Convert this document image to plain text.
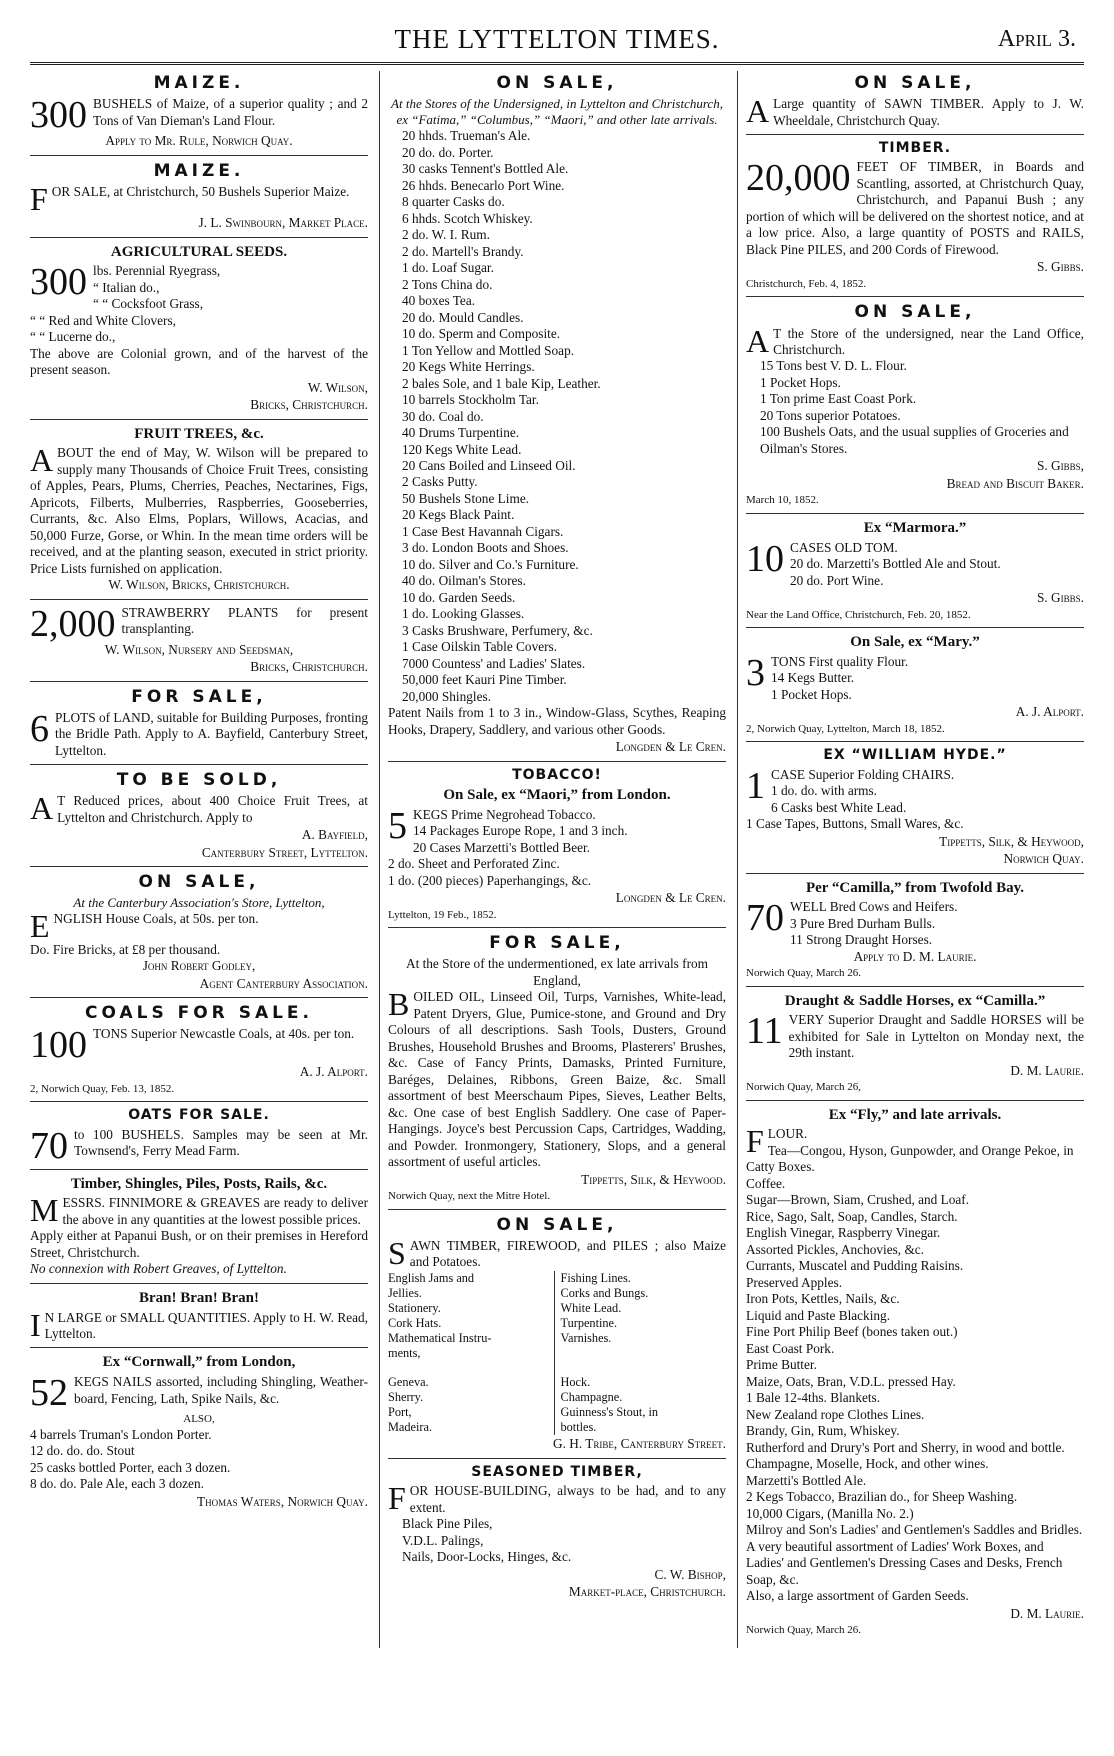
THE LYTTELTON TIMES.	April 3.
MAIZE.

300 BUSHELS of Maize, of a superior quality ; and 2 Tons of Van Dieman's Land Flour.

Apply to Mr. Rule, Norwich Quay.
MAIZE.

FOR SALE, at Christchurch, 50 Bushels Superior Maize.

J. L. Swinbourn, Market Place.
AGRICULTURAL SEEDS.
300 lbs. Perennial Ryegrass,
“ Italian do.,
“ “ Cocksfoot Grass,
“ “ Red and White Clovers,
“ “ Lucerne do.,

The above are Colonial grown, and of the harvest of the present season.

W. Wilson,
Bricks, Christchurch.
FRUIT TREES, &c.

ABOUT the end of May, W. Wilson will be prepared to supply many Thousands of Choice Fruit Trees, consisting of Apples, Pears, Plums, Cherries, Peaches, Nectarines, Figs, Apricots, Filberts, Mulberries, Raspberries, Gooseberries, Currants, &c. Also Elms, Poplars, Willows, Acacias, and 50,000 Furze, Gorse, or Whin. In the mean time orders will be received, and at the planting season, executed in strict priority. Price Lists furnished on application.

W. Wilson, Bricks, Christchurch.

2,000 STRAWBERRY PLANTS for present transplanting.

W. Wilson, Nursery and Seedsman,
Bricks, Christchurch.
FOR SALE,

6 PLOTS of LAND, suitable for Building Purposes, fronting the Bridle Path. Apply to A. Bayfield, Canterbury Street, Lyttelton.

TO BE SOLD,

A T Reduced prices, about 400 Choice Fruit Trees, at Lyttelton and Christchurch. Apply to

A. Bayfield,
Canterbury Street, Lyttelton.
ON SALE,
At the Canterbury Association's Store, Lyttelton,

ENGLISH House Coals, at 50s. per ton.

Do. Fire Bricks, at £8 per thousand.
John Robert Godley,
Agent Canterbury Association.
COALS FOR SALE.

100 TONS Superior Newcastle Coals, at 40s. per ton.

A. J. Alport.
2, Norwich Quay, Feb. 13, 1852.
OATS FOR SALE.

70 to 100 BUSHELS. Samples may be seen at Mr. Townsend's, Ferry Mead Farm.

Timber, Shingles, Piles, Posts, Rails, &c.

MESSRS. FINNIMORE & GREAVES are ready to deliver the above in any quantities at the lowest possible prices.

Apply either at Papanui Bush, or on their premises in Hereford Street, Christchurch.

No connexion with Robert Greaves, of Lyttelton.

Bran! Bran! Bran!

I N LARGE or SMALL QUANTITIES. Apply to H. W. Read, Lyttelton.

Ex “Cornwall,” from London,

52 KEGS NAILS assorted, including Shingling, Weather-board, Fencing, Lath, Spike Nails, &c.

ALSO,
4 barrels Truman's London Porter.
12 do. do. do. Stout
25 casks bottled Porter, each 3 dozen.
8 do. do. Pale Ale, each 3 dozen.
Thomas Waters, Norwich Quay.
ON SALE,
At the Stores of the Undersigned, in Lyttelton and Christchurch, ex “Fatima,” “Columbus,” “Maori,” and other late arrivals.
20 hhds. Trueman's Ale.
20 do. do. Porter.
30 casks Tennent's Bottled Ale.
26 hhds. Benecarlo Port Wine.
8 quarter Casks do.
6 hhds. Scotch Whiskey.
2 do. W. I. Rum.
2 do. Martell's Brandy.
1 do. Loaf Sugar.
2 Tons China do.
40 boxes Tea.
20 do. Mould Candles.
10 do. Sperm and Composite.
1 Ton Yellow and Mottled Soap.
20 Kegs White Herrings.
2 bales Sole, and 1 bale Kip, Leather.
10 barrels Stockholm Tar.
30 do. Coal do.
40 Drums Turpentine.
120 Kegs White Lead.
20 Cans Boiled and Linseed Oil.
2 Casks Putty.
50 Bushels Stone Lime.
20 Kegs Black Paint.
1 Case Best Havannah Cigars.
3 do. London Boots and Shoes.
10 do. Silver and Co.'s Furniture.
40 do. Oilman's Stores.
10 do. Garden Seeds.
1 do. Looking Glasses.
3 Casks Brushware, Perfumery, &c.
1 Case Oilskin Table Covers.
7000 Countess' and Ladies' Slates.
50,000 feet Kauri Pine Timber.
20,000 Shingles.

Patent Nails from 1 to 3 in., Window-Glass, Scythes, Reaping Hooks, Drapery, Saddlery, and various other Goods.

Longden & Le Cren.
TOBACCO!
On Sale, ex “Maori,” from London.

5 KEGS Prime Negrohead Tobacco.

14 Packages Europe Rope, 1 and 3 inch.
20 Cases Marzetti's Bottled Beer.
2 do. Sheet and Perforated Zinc.
1 do. (200 pieces) Paperhangings, &c.
Longden & Le Cren.
Lyttelton, 19 Feb., 1852.
FOR SALE,
At the Store of the undermentioned, ex late arrivals from England,

BOILED OIL, Linseed Oil, Turps, Varnishes, White-lead, Patent Dryers, Glue, Pumice-stone, and Ground and Dry Colours of all descriptions. Sash Tools, Dusters, Ground Brushes, Household Brushes and Brooms, Plasterers' Brushes, &c. Case of Fancy Prints, Damasks, Printed Furniture, Baréges, Delaines, Ribbons, Green Baize, &c. Small assortment of best Meerschaum Pipes, Sieves, Leather Belts, &c. One case of best English Saddlery. One case of Paper-Hangings. Joyce's best Percussion Caps, Cartridges, Wadding, and Powder. Ironmongery, Stationery, Slops, and a general assortment of useful articles.

Tippetts, Silk, & Heywood.
Norwich Quay, next the Mitre Hotel.
ON SALE,

SAWN TIMBER, FIREWOOD, and PILES ; also Maize and Potatoes.

English Jams and
Jellies.
Stationery.
Cork Hats.
Mathematical Instru-
ments,
Geneva.
Sherry.
Port,
Madeira.
Fishing Lines.
Corks and Bungs.
White Lead.
Turpentine.
Varnishes.
Hock.
Champagne.
Guinness's Stout, in
bottles.
G. H. Tribe, Canterbury Street.
SEASONED TIMBER,

FOR HOUSE-BUILDING, always to be had, and to any extent.

Black Pine Piles,
V.D.L. Palings,
Nails, Door-Locks, Hinges, &c.
C. W. Bishop,
Market-place, Christchurch.
ON SALE,

A Large quantity of SAWN TIMBER. Apply to J. W. Wheeldale, Christchurch Quay.

TIMBER.

20,000 FEET OF TIMBER, in Boards and Scantling, assorted, at Christchurch Quay, Christchurch, and Papanui Bush ; any portion of which will be delivered on the shortest notice, and at a low price. Also, a large quantity of POSTS and RAILS, Black Pine PILES, and 200 Cords of Firewood.

S. Gibbs.
Christchurch, Feb. 4, 1852.
ON SALE,

A T the Store of the undersigned, near the Land Office, Christchurch.

15 Tons best V. D. L. Flour.
1 Pocket Hops.
1 Ton prime East Coast Pork.
20 Tons superior Potatoes.
100 Bushels Oats, and the usual supplies of Groceries and Oilman's Stores.
S. Gibbs,
Bread and Biscuit Baker.
March 10, 1852.
Ex “Marmora.”

10 CASES OLD TOM.

20 do. Marzetti's Bottled Ale and Stout.
20 do. Port Wine.
S. Gibbs.
Near the Land Office, Christchurch, Feb. 20, 1852.
On Sale, ex “Mary.”

3 TONS First quality Flour.

14 Kegs Butter.
1 Pocket Hops.
A. J. Alport.
2, Norwich Quay, Lyttelton, March 18, 1852.
EX “WILLIAM HYDE.”

1 CASE Superior Folding CHAIRS.

1 do. do. with arms.
6 Casks best White Lead.
1 Case Tapes, Buttons, Small Wares, &c.
Tippetts, Silk, & Heywood,
Norwich Quay.
Per “Camilla,” from Twofold Bay.

70 WELL Bred Cows and Heifers.

3 Pure Bred Durham Bulls.
11 Strong Draught Horses.
Apply to D. M. Laurie.
Norwich Quay, March 26.
Draught & Saddle Horses, ex “Camilla.”

11 VERY Superior Draught and Saddle HORSES will be exhibited for Sale in Lyttelton on Monday next, the 29th instant.

D. M. Laurie.
Norwich Quay, March 26,
Ex “Fly,” and late arrivals.

FLOUR.

Tea—Congou, Hyson, Gunpowder, and Orange Pekoe, in Catty Boxes.
Coffee.
Sugar—Brown, Siam, Crushed, and Loaf.
Rice, Sago, Salt, Soap, Candles, Starch.
English Vinegar, Raspberry Vinegar.
Assorted Pickles, Anchovies, &c.
Currants, Muscatel and Pudding Raisins.
Preserved Apples.
Iron Pots, Kettles, Nails, &c.
Liquid and Paste Blacking.
Fine Port Philip Beef (bones taken out.)
East Coast Pork.
Prime Butter.
Maize, Oats, Bran, V.D.L. pressed Hay.
1 Bale 12-4ths. Blankets.
New Zealand rope Clothes Lines.
Brandy, Gin, Rum, Whiskey.
Rutherford and Drury's Port and Sherry, in wood and bottle.
Champagne, Moselle, Hock, and other wines.
Marzetti's Bottled Ale.
2 Kegs Tobacco, Brazilian do., for Sheep Washing.
10,000 Cigars, (Manilla No. 2.)
Milroy and Son's Ladies' and Gentlemen's Saddles and Bridles.
A very beautiful assortment of Ladies' Work Boxes, and Ladies' and Gentlemen's Dressing Cases and Desks, French Soap, &c.
Also, a large assortment of Garden Seeds.
D. M. Laurie.
Norwich Quay, March 26.
